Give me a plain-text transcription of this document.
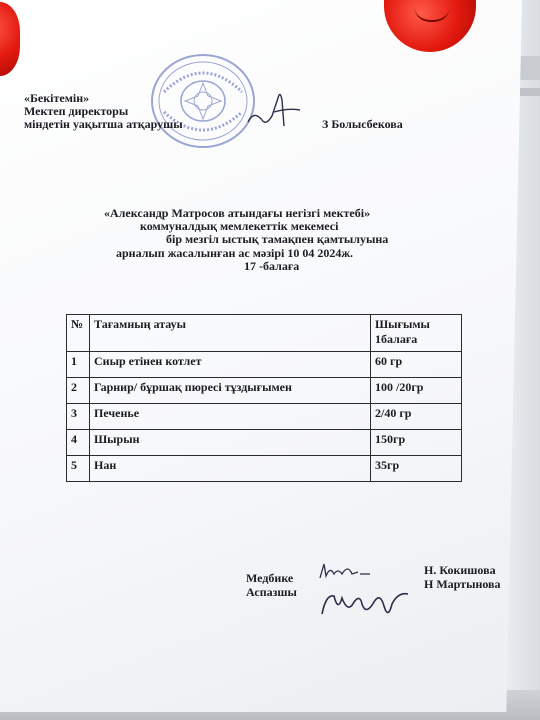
«Бекітемін»
Мектеп директоры
міндетін уақытша атқарушы	З Болысбекова
«Александр Матросов атындағы негізгі мектебі»
коммуналдық мемлекеттік мекемесі
бір мезгіл ыстық тамақпен қамтылуына
арналып жасалынған ас мәзірі 10 04 2024ж.
17 -балаға
№	Тағамның атауы	Шығымы 1балаға
1	Сиыр етінен котлет	60 гр
2	Гарнир/ бұршақ пюресі тұздығымен	100 /20гр
3	Печенье	2/40 гр
4	Шырын	150гр
5	Нан	35гр
Медбике
Аспазшы
Н. Кокишова
Н Мартынова
